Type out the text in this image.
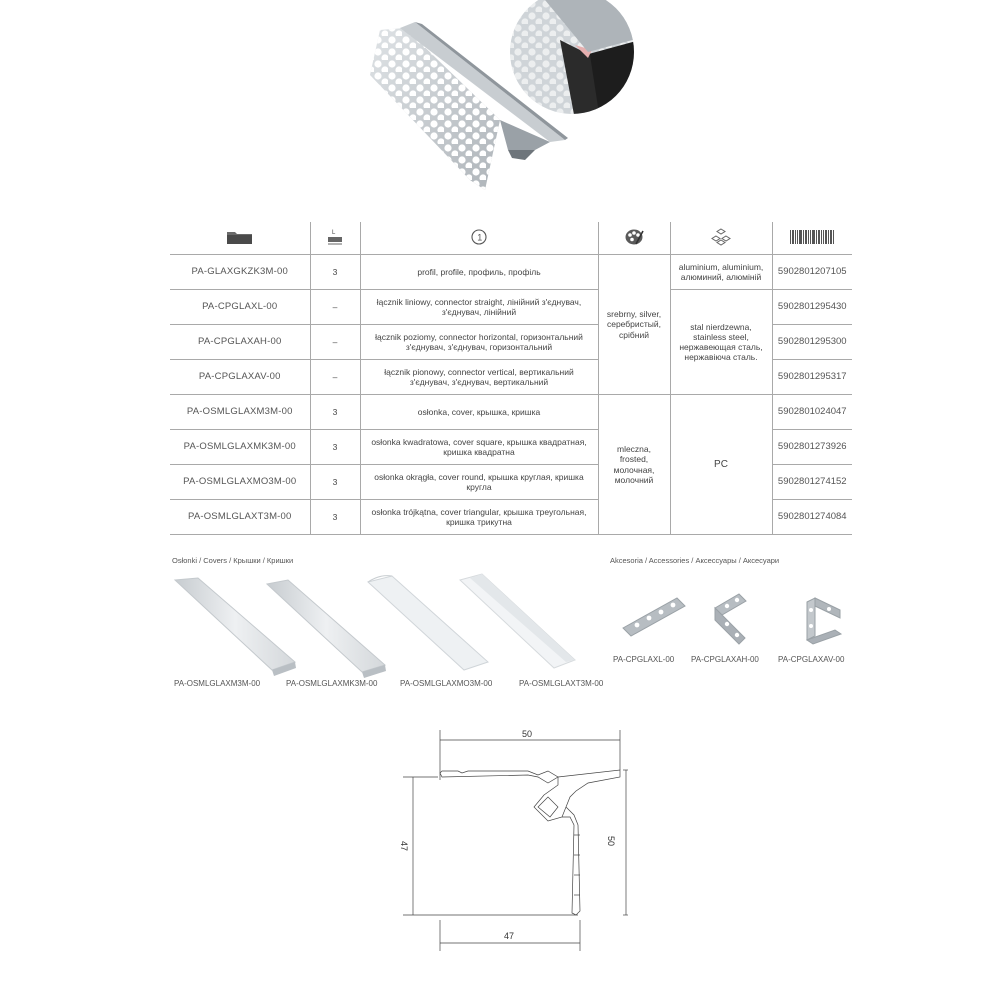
L	1

PA-GLAXGKZK3M-00	3	profil, profile, профиль, профіль	srebrny, silver, серебристый, срібний	aluminium, aluminium, алюминий, алюміній	5902801207105
PA-CPGLAXL-00	–	łącznik liniowy, connector straight, лінійний з'єднувач, з'єднувач, лінійний		stal nierdzewna, stainless steel, нержавеющая сталь, нержавіюча сталь.	5902801295430
PA-CPGLAXAH-00	–	łącznik poziomy, connector horizontal, горизонтальний з'єднувач, з'єднувач, горизонтальний			5902801295300
PA-CPGLAXAV-00	–	łącznik pionowy, connector vertical, вертикальний з'єднувач, з'єднувач, вертикальний			5902801295317
PA-OSMLGLAXM3M-00	3	osłonka, cover, крышка, кришка	mleczna, frosted, молочная, молочний	PC	5902801024047
PA-OSMLGLAXMK3M-00	3	osłonka kwadratowa, cover square, крышка квадратная, кришка квадратна			5902801273926
PA-OSMLGLAXMO3M-00	3	osłonka okrągła, cover round, крышка круглая, кришка кругла			5902801274152
PA-OSMLGLAXT3M-00	3	osłonka trójkątna, cover triangular, крышка треугольная, кришка трикутна			5902801274084
Osłonki / Covers / Крышки / Кришки
PA-OSMLGLAXM3M-00	PA-OSMLGLAXMK3M-00	PA-OSMLGLAXMO3M-00	PA-OSMLGLAXT3M-00
Akcesoria / Accessories / Аксессуары / Аксесуари
PA-CPGLAXL-00 PA-CPGLAXAH-00 PA-CPGLAXAV-00
50
47	50
47
